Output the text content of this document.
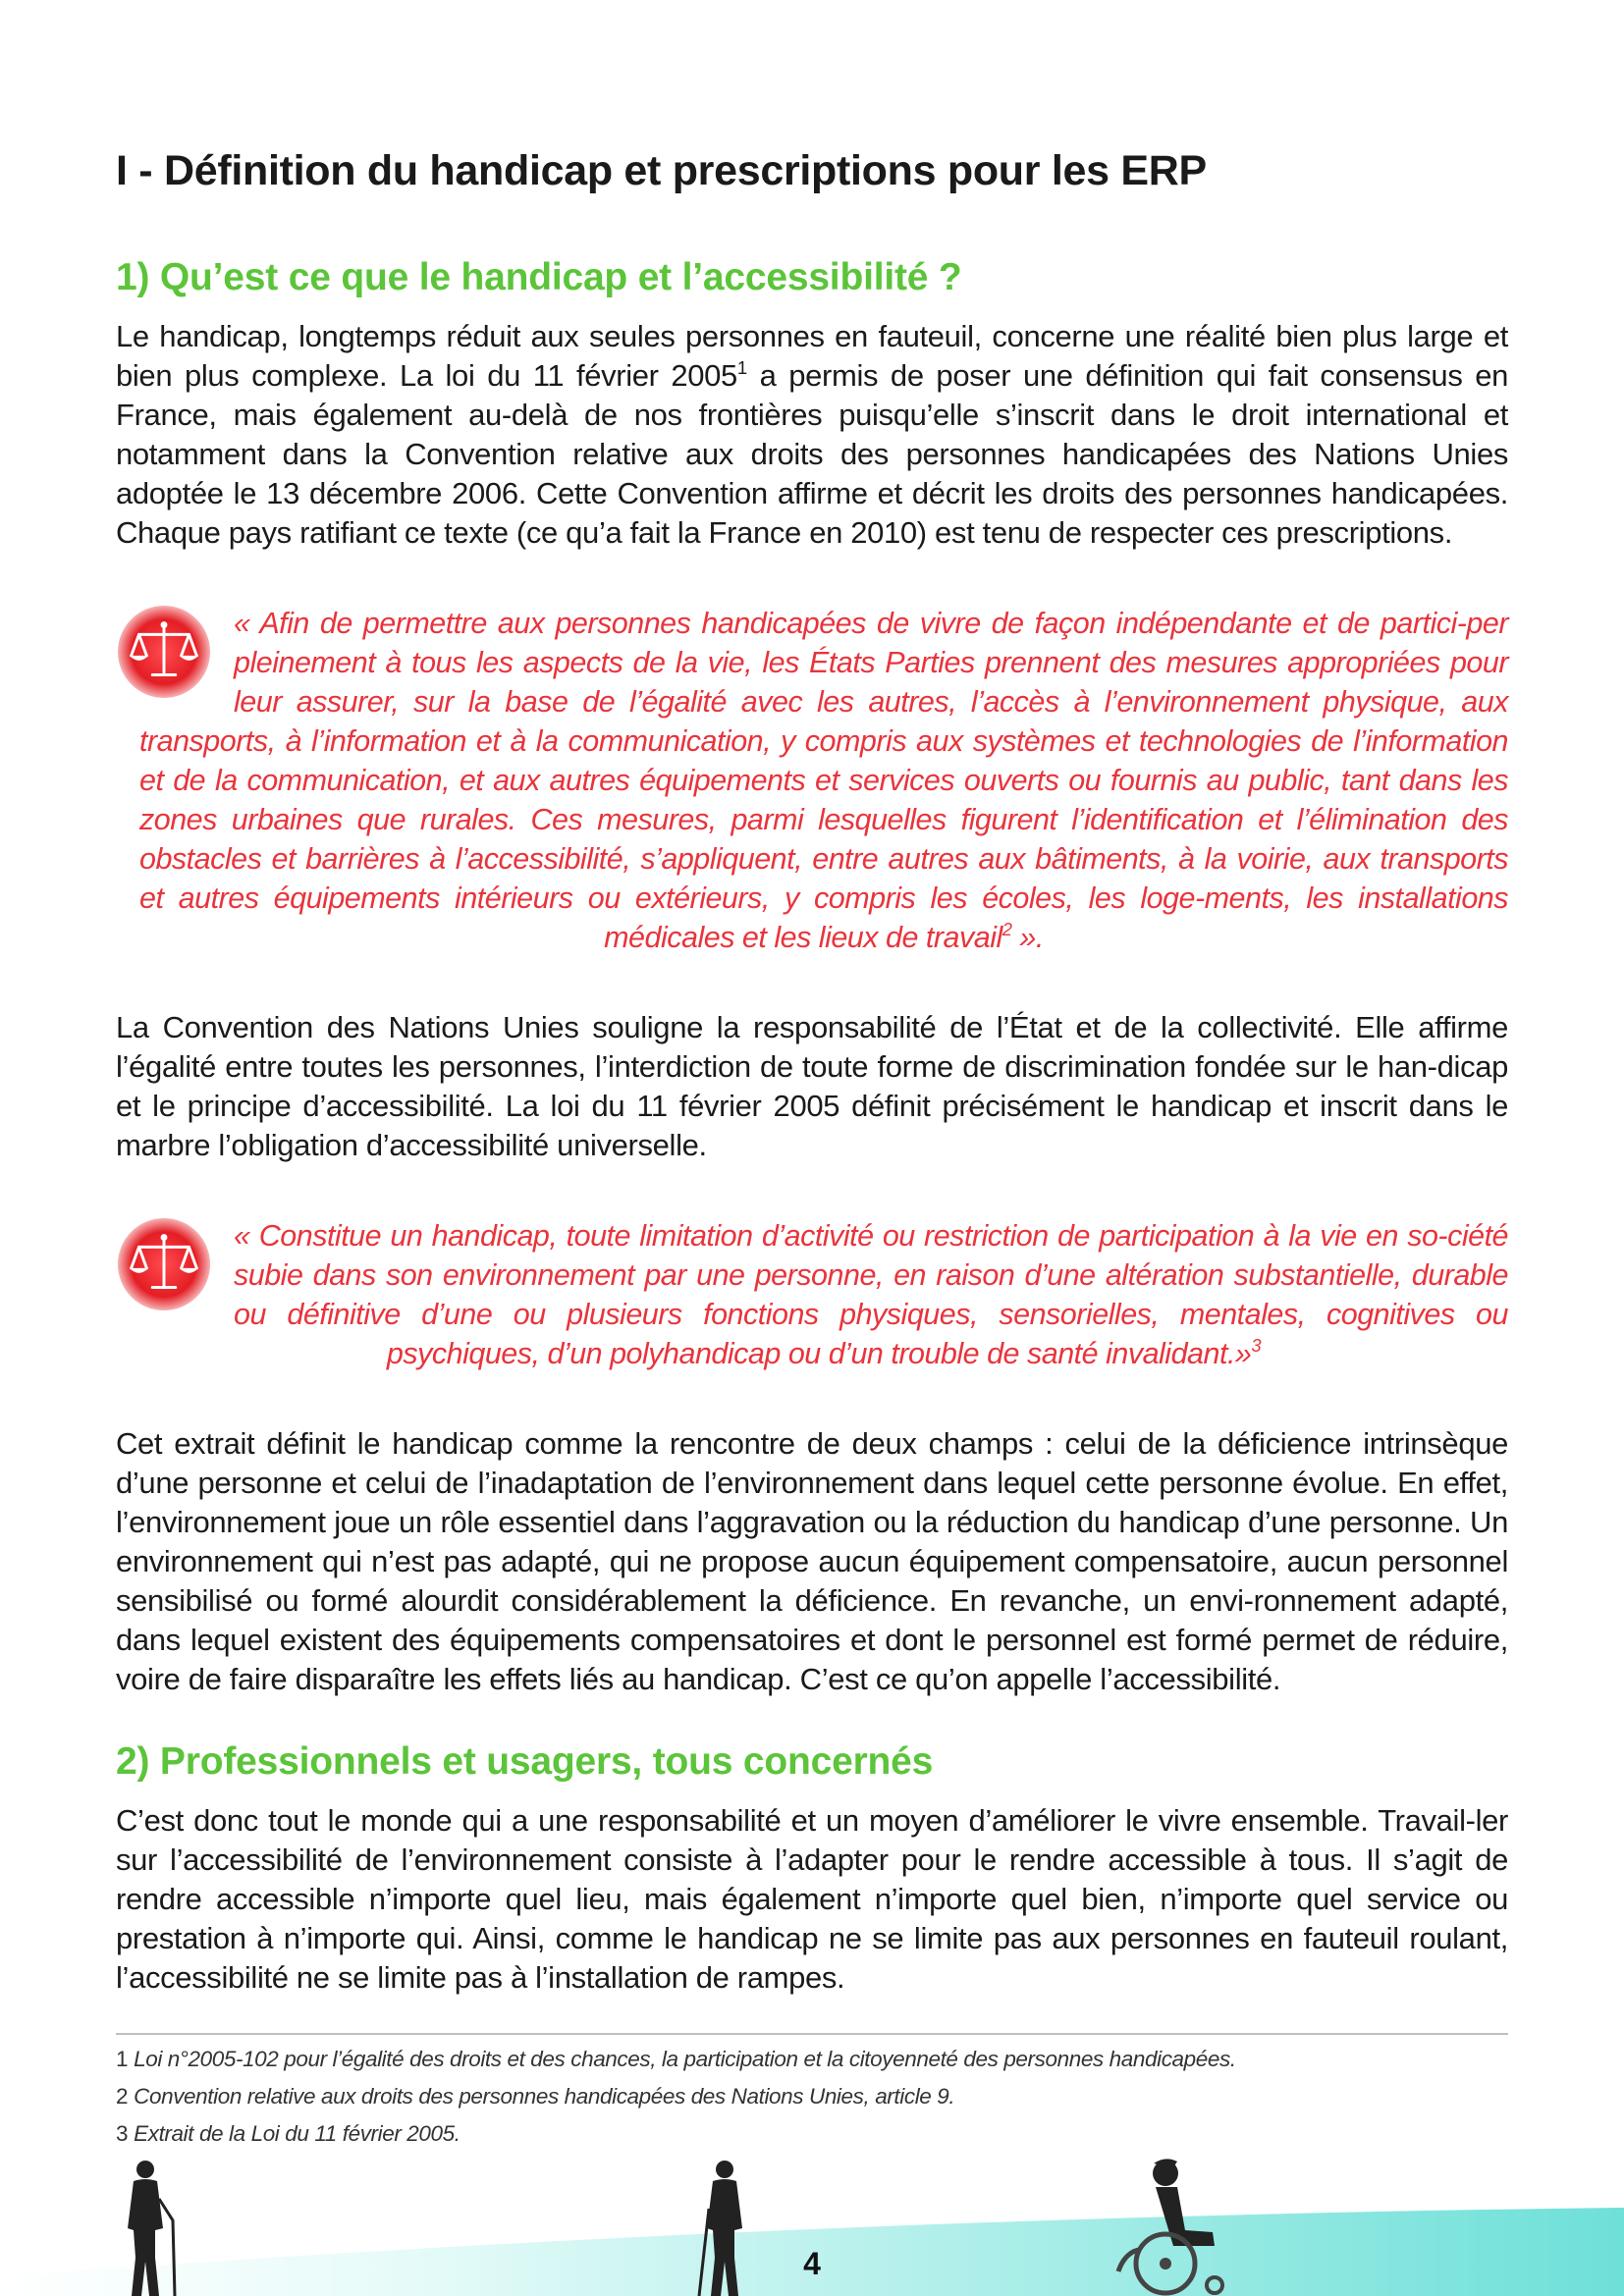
I - Définition du handicap et prescriptions pour les ERP
1) Qu’est ce que le handicap et l’accessibilité ?

Le handicap, longtemps réduit aux seules personnes en fauteuil, concerne une réalité bien plus large et bien plus complexe. La loi du 11 février 2005$^1$ a permis de poser une définition qui fait consensus en France, mais également au-delà de nos frontières puisqu’elle s’inscrit dans le droit international et notamment dans la Convention relative aux droits des personnes handicapées des Nations Unies adoptée le 13 décembre 2006. Cette Convention affirme et décrit les droits des personnes handicapées. Chaque pays ratifiant ce texte (ce qu’a fait la France en 2010) est tenu de respecter ces prescriptions.

« Afin de permettre aux personnes handicapées de vivre de façon indépendante et de partici-per pleinement à tous les aspects de la vie, les États Parties prennent des mesures appropriées pour leur assurer, sur la base de l’égalité avec les autres, l’accès à l’environnement physique, aux transports, à l’information et à la communication, y compris aux systèmes et technologies de l’information et de la communication, et aux autres équipements et services ouverts ou fournis au public, tant dans les zones urbaines que rurales. Ces mesures, parmi lesquelles figurent l’identification et l’élimination des obstacles et barrières à l’accessibilité, s’appliquent, entre autres aux bâtiments, à la voirie, aux transports et autres équipements intérieurs ou extérieurs, y compris les écoles, les loge-ments, les installations médicales et les lieux de travail$^2$ ».

La Convention des Nations Unies souligne la responsabilité de l’État et de la collectivité. Elle affirme l’égalité entre toutes les personnes, l’interdiction de toute forme de discrimination fondée sur le han-dicap et le principe d’accessibilité. La loi du 11 février 2005 définit précisément le handicap et inscrit dans le marbre l’obligation d’accessibilité universelle.

« Constitue un handicap, toute limitation d’activité ou restriction de participation à la vie en so-ciété subie dans son environnement par une personne, en raison d’une altération substantielle, durable ou définitive d’une ou plusieurs fonctions physiques, sensorielles, mentales, cognitives ou psychiques, d’un polyhandicap ou d’un trouble de santé invalidant.»$^3$

Cet extrait définit le handicap comme la rencontre de deux champs : celui de la déficience intrinsèque d’une personne et celui de l’inadaptation de l’environnement dans lequel cette personne évolue. En effet, l’environnement joue un rôle essentiel dans l’aggravation ou la réduction du handicap d’une personne. Un environnement qui n’est pas adapté, qui ne propose aucun équipement compensatoire, aucun personnel sensibilisé ou formé alourdit considérablement la déficience. En revanche, un envi-ronnement adapté, dans lequel existent des équipements compensatoires et dont le personnel est formé permet de réduire, voire de faire disparaître les effets liés au handicap. C’est ce qu’on appelle l’accessibilité.

2) Professionnels et usagers, tous concernés

C’est donc tout le monde qui a une responsabilité et un moyen d’améliorer le vivre ensemble. Travail-ler sur l’accessibilité de l’environnement consiste à l’adapter pour le rendre accessible à tous. Il s’agit de rendre accessible n’importe quel lieu, mais également n’importe quel bien, n’importe quel service ou prestation à n’importe qui. Ainsi, comme le handicap ne se limite pas aux personnes en fauteuil roulant, l’accessibilité ne se limite pas à l’installation de rampes.

1 Loi n°2005-102 pour l’égalité des droits et des chances, la participation et la citoyenneté des personnes handicapées.
2 Convention relative aux droits des personnes handicapées des Nations Unies, article 9.
3 Extrait de la Loi du 11 février 2005.
4
